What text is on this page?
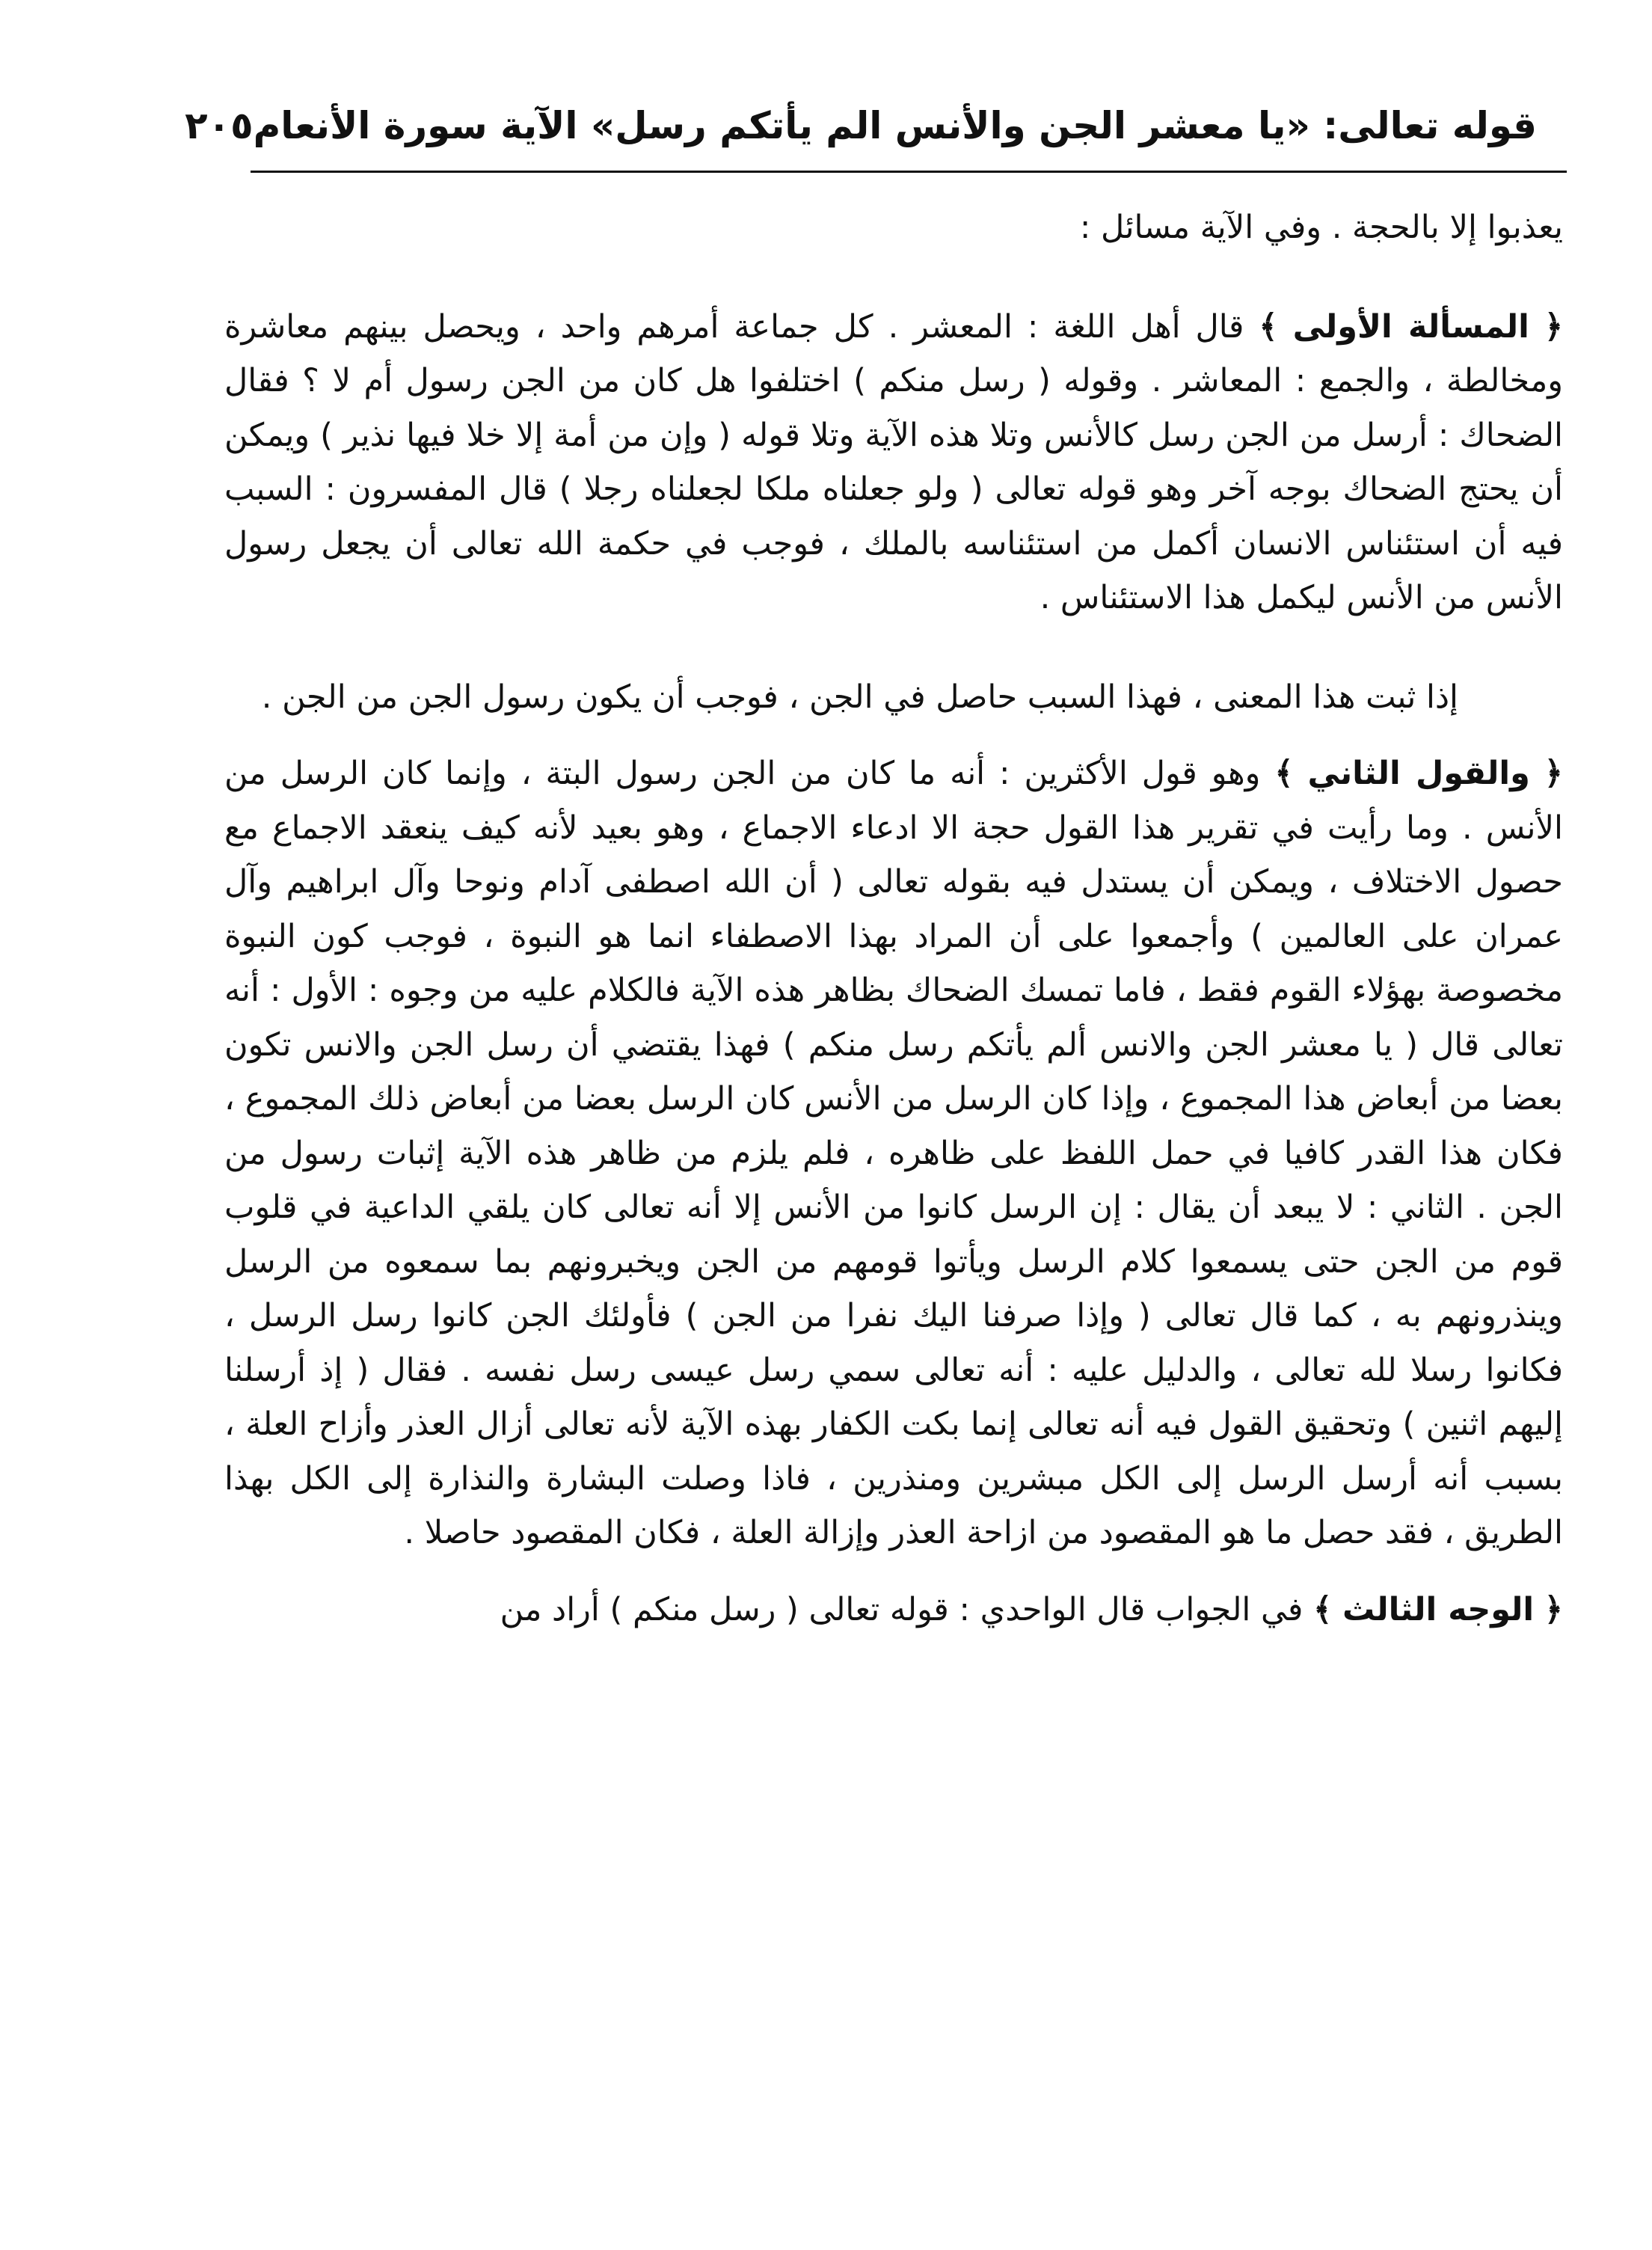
قوله تعالى: «يا معشر الجن والأنس الم يأتكم رسل» الآية سورة الأنعام
٢٠٥

يعذبوا إلا بالحجة . وفي الآية مسائل :

﴿ المسألة الأولى ﴾ قال أهل اللغة : المعشر . كل جماعة أمرهم واحد ، ويحصل بينهم معاشرة ومخالطة ، والجمع : المعاشر . وقوله ( رسل منكم ) اختلفوا هل كان من الجن رسول أم لا ؟ فقال الضحاك : أرسل من الجن رسل كالأنس وتلا هذه الآية وتلا قوله ( وإن من أمة إلا خلا فيها نذير ) ويمكن أن يحتج الضحاك بوجه آخر وهو قوله تعالى ( ولو جعلناه ملكا لجعلناه رجلا ) قال المفسرون : السبب فيه أن استئناس الانسان أكمل من استئناسه بالملك ، فوجب في حكمة الله تعالى أن يجعل رسول الأنس من الأنس ليكمل هذا الاستئناس .

إذا ثبت هذا المعنى ، فهذا السبب حاصل في الجن ، فوجب أن يكون رسول الجن من الجن .

﴿ والقول الثاني ﴾ وهو قول الأكثرين : أنه ما كان من الجن رسول البتة ، وإنما كان الرسل من الأنس . وما رأيت في تقرير هذا القول حجة الا ادعاء الاجماع ، وهو بعيد لأنه كيف ينعقد الاجماع مع حصول الاختلاف ، ويمكن أن يستدل فيه بقوله تعالى ( أن الله اصطفى آدام ونوحا وآل ابراهيم وآل عمران على العالمين ) وأجمعوا على أن المراد بهذا الاصطفاء انما هو النبوة ، فوجب كون النبوة مخصوصة بهؤلاء القوم فقط ، فاما تمسك الضحاك بظاهر هذه الآية فالكلام عليه من وجوه : الأول : أنه تعالى قال ( يا معشر الجن والانس ألم يأتكم رسل منكم ) فهذا يقتضي أن رسل الجن والانس تكون بعضا من أبعاض هذا المجموع ، وإذا كان الرسل من الأنس كان الرسل بعضا من أبعاض ذلك المجموع ، فكان هذا القدر كافيا في حمل اللفظ على ظاهره ، فلم يلزم من ظاهر هذه الآية إثبات رسول من الجن . الثاني : لا يبعد أن يقال : إن الرسل كانوا من الأنس إلا أنه تعالى كان يلقي الداعية في قلوب قوم من الجن حتى يسمعوا كلام الرسل ويأتوا قومهم من الجن ويخبرونهم بما سمعوه من الرسل وينذرونهم به ، كما قال تعالى ( وإذا صرفنا اليك نفرا من الجن ) فأولئك الجن كانوا رسل الرسل ، فكانوا رسلا لله تعالى ، والدليل عليه : أنه تعالى سمي رسل عيسى رسل نفسه . فقال ( إذ أرسلنا إليهم اثنين ) وتحقيق القول فيه أنه تعالى إنما بكت الكفار بهذه الآية لأنه تعالى أزال العذر وأزاح العلة ، بسبب أنه أرسل الرسل إلى الكل مبشرين ومنذرين ، فاذا وصلت البشارة والنذارة إلى الكل بهذا الطريق ، فقد حصل ما هو المقصود من ازاحة العذر وإزالة العلة ، فكان المقصود حاصلا .

﴿ الوجه الثالث ﴾ في الجواب قال الواحدي : قوله تعالى ( رسل منكم ) أراد من
